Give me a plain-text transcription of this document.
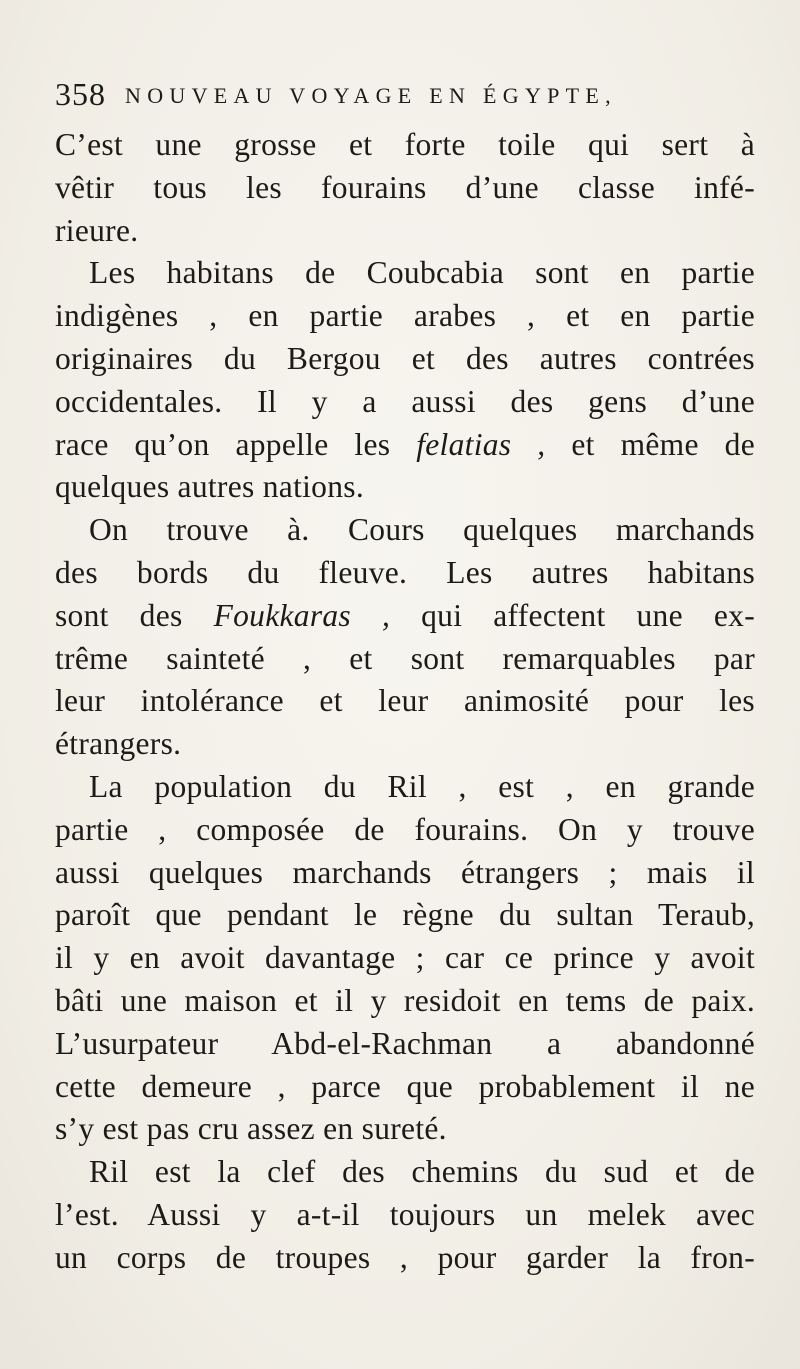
358 NOUVEAU VOYAGE EN ÉGYPTE,
C’est une grosse et forte toile qui sert à
vêtir tous les fourains d’une classe infé-
rieure.
Les habitans de Coubcabia sont en partie
indigènes , en partie arabes , et en partie
originaires du Bergou et des autres contrées
occidentales. Il y a aussi des gens d’une
race qu’on appelle les felatias , et même de
quelques autres nations.
On trouve à. Cours quelques marchands
des bords du fleuve. Les autres habitans
sont des Foukkaras , qui affectent une ex-
trême sainteté , et sont remarquables par
leur intolérance et leur animosité pour les
étrangers.
La population du Ril , est , en grande
partie , composée de fourains. On y trouve
aussi quelques marchands étrangers ; mais il
paroît que pendant le règne du sultan Teraub,
il y en avoit davantage ; car ce prince y avoit
bâti une maison et il y residoit en tems de paix.
L’usurpateur Abd-el-Rachman a abandonné
cette demeure , parce que probablement il ne
s’y est pas cru assez en sureté.
Ril est la clef des chemins du sud et de
l’est. Aussi y a-t-il toujours un melek avec
un corps de troupes , pour garder la fron-
